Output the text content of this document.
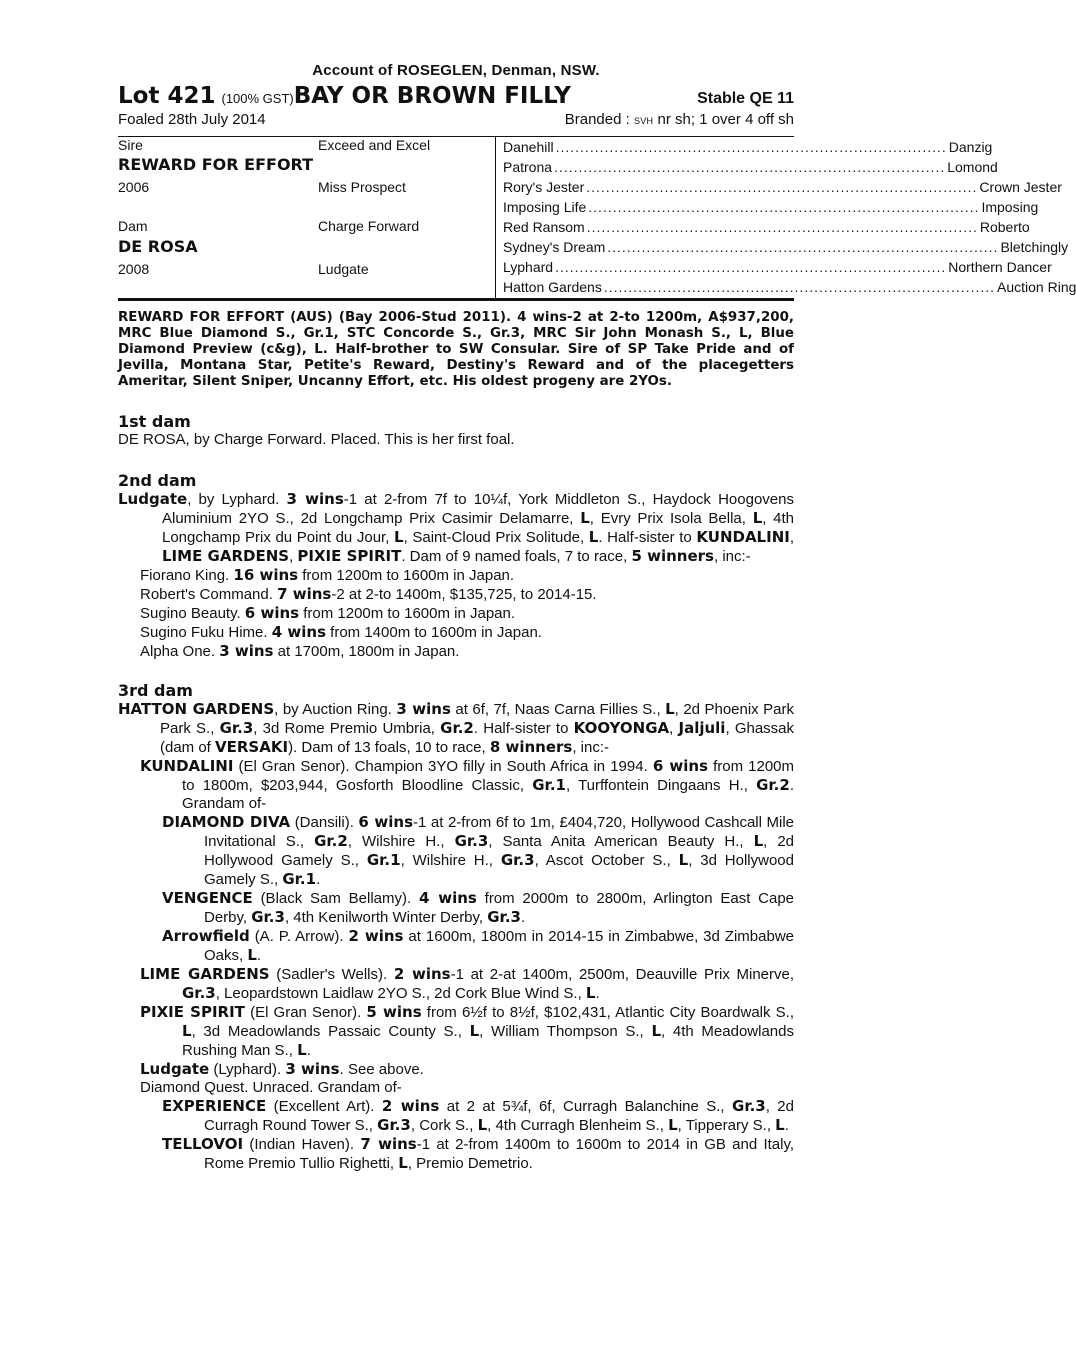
Account of ROSEGLEN, Denman, NSW.
Lot 421 (100% GST) BAY OR BROWN FILLY	Stable QE 11
Foaled 28th July 2014	Branded : SVH nr sh; 1 over 4 off sh
Sire	Exceed and Excel
REWARD FOR EFFORT
2006	Miss Prospect
Dam	Charge Forward
DE ROSA
2008	Ludgate
Danehill ................................................................................ Danzig
Patrona ................................................................................ Lomond
Rory's Jester ................................................................................ Crown Jester
Imposing Life ................................................................................ Imposing
Red Ransom ................................................................................ Roberto
Sydney's Dream ................................................................................ Bletchingly
Lyphard ................................................................................ Northern Dancer
Hatton Gardens ................................................................................ Auction Ring
REWARD FOR EFFORT (AUS) (Bay 2006-Stud 2011). 4 wins-2 at 2-to 1200m, A$937,200, MRC Blue Diamond S., Gr.1, STC Concorde S., Gr.3, MRC Sir John Monash S., L, Blue Diamond Preview (c&g), L. Half-brother to SW Consular. Sire of SP Take Pride and of Jevilla, Montana Star, Petite's Reward, Destiny's Reward and of the placegetters Ameritar, Silent Sniper, Uncanny Effort, etc. His oldest progeny are 2YOs.
1st dam
DE ROSA, by Charge Forward. Placed. This is her first foal.
2nd dam
Ludgate, by Lyphard. 3 wins-1 at 2-from 7f to 10¼f, York Middleton S., Haydock Hoogovens Aluminium 2YO S., 2d Longchamp Prix Casimir Delamarre, L, Evry Prix Isola Bella, L, 4th Longchamp Prix du Point du Jour, L, Saint-Cloud Prix Solitude, L. Half-sister to KUNDALINI, LIME GARDENS, PIXIE SPIRIT. Dam of 9 named foals, 7 to race, 5 winners, inc:-
Fiorano King. 16 wins from 1200m to 1600m in Japan.
Robert's Command. 7 wins-2 at 2-to 1400m, $135,725, to 2014-15.
Sugino Beauty. 6 wins from 1200m to 1600m in Japan.
Sugino Fuku Hime. 4 wins from 1400m to 1600m in Japan.
Alpha One. 3 wins at 1700m, 1800m in Japan.
3rd dam
HATTON GARDENS, by Auction Ring. 3 wins at 6f, 7f, Naas Carna Fillies S., L, 2d Phoenix Park Park S., Gr.3, 3d Rome Premio Umbria, Gr.2. Half-sister to KOOYONGA, Jaljuli, Ghassak (dam of VERSAKI). Dam of 13 foals, 10 to race, 8 winners, inc:-
KUNDALINI (El Gran Senor). Champion 3YO filly in South Africa in 1994. 6 wins from 1200m to 1800m, $203,944, Gosforth Bloodline Classic, Gr.1, Turffontein Dingaans H., Gr.2. Grandam of-
DIAMOND DIVA (Dansili). 6 wins-1 at 2-from 6f to 1m, £404,720, Hollywood Cashcall Mile Invitational S., Gr.2, Wilshire H., Gr.3, Santa Anita American Beauty H., L, 2d Hollywood Gamely S., Gr.1, Wilshire H., Gr.3, Ascot October S., L, 3d Hollywood Gamely S., Gr.1.
VENGENCE (Black Sam Bellamy). 4 wins from 2000m to 2800m, Arlington East Cape Derby, Gr.3, 4th Kenilworth Winter Derby, Gr.3.
Arrowfield (A. P. Arrow). 2 wins at 1600m, 1800m in 2014-15 in Zimbabwe, 3d Zimbabwe Oaks, L.
LIME GARDENS (Sadler's Wells). 2 wins-1 at 2-at 1400m, 2500m, Deauville Prix Minerve, Gr.3, Leopardstown Laidlaw 2YO S., 2d Cork Blue Wind S., L.
PIXIE SPIRIT (El Gran Senor). 5 wins from 6½f to 8½f, $102,431, Atlantic City Boardwalk S., L, 3d Meadowlands Passaic County S., L, William Thompson S., L, 4th Meadowlands Rushing Man S., L.
Ludgate (Lyphard). 3 wins. See above.
Diamond Quest. Unraced. Grandam of-
EXPERIENCE (Excellent Art). 2 wins at 2 at 5¾f, 6f, Curragh Balanchine S., Gr.3, 2d Curragh Round Tower S., Gr.3, Cork S., L, 4th Curragh Blenheim S., L, Tipperary S., L.
TELLOVOI (Indian Haven). 7 wins-1 at 2-from 1400m to 1600m to 2014 in GB and Italy, Rome Premio Tullio Righetti, L, Premio Demetrio.
